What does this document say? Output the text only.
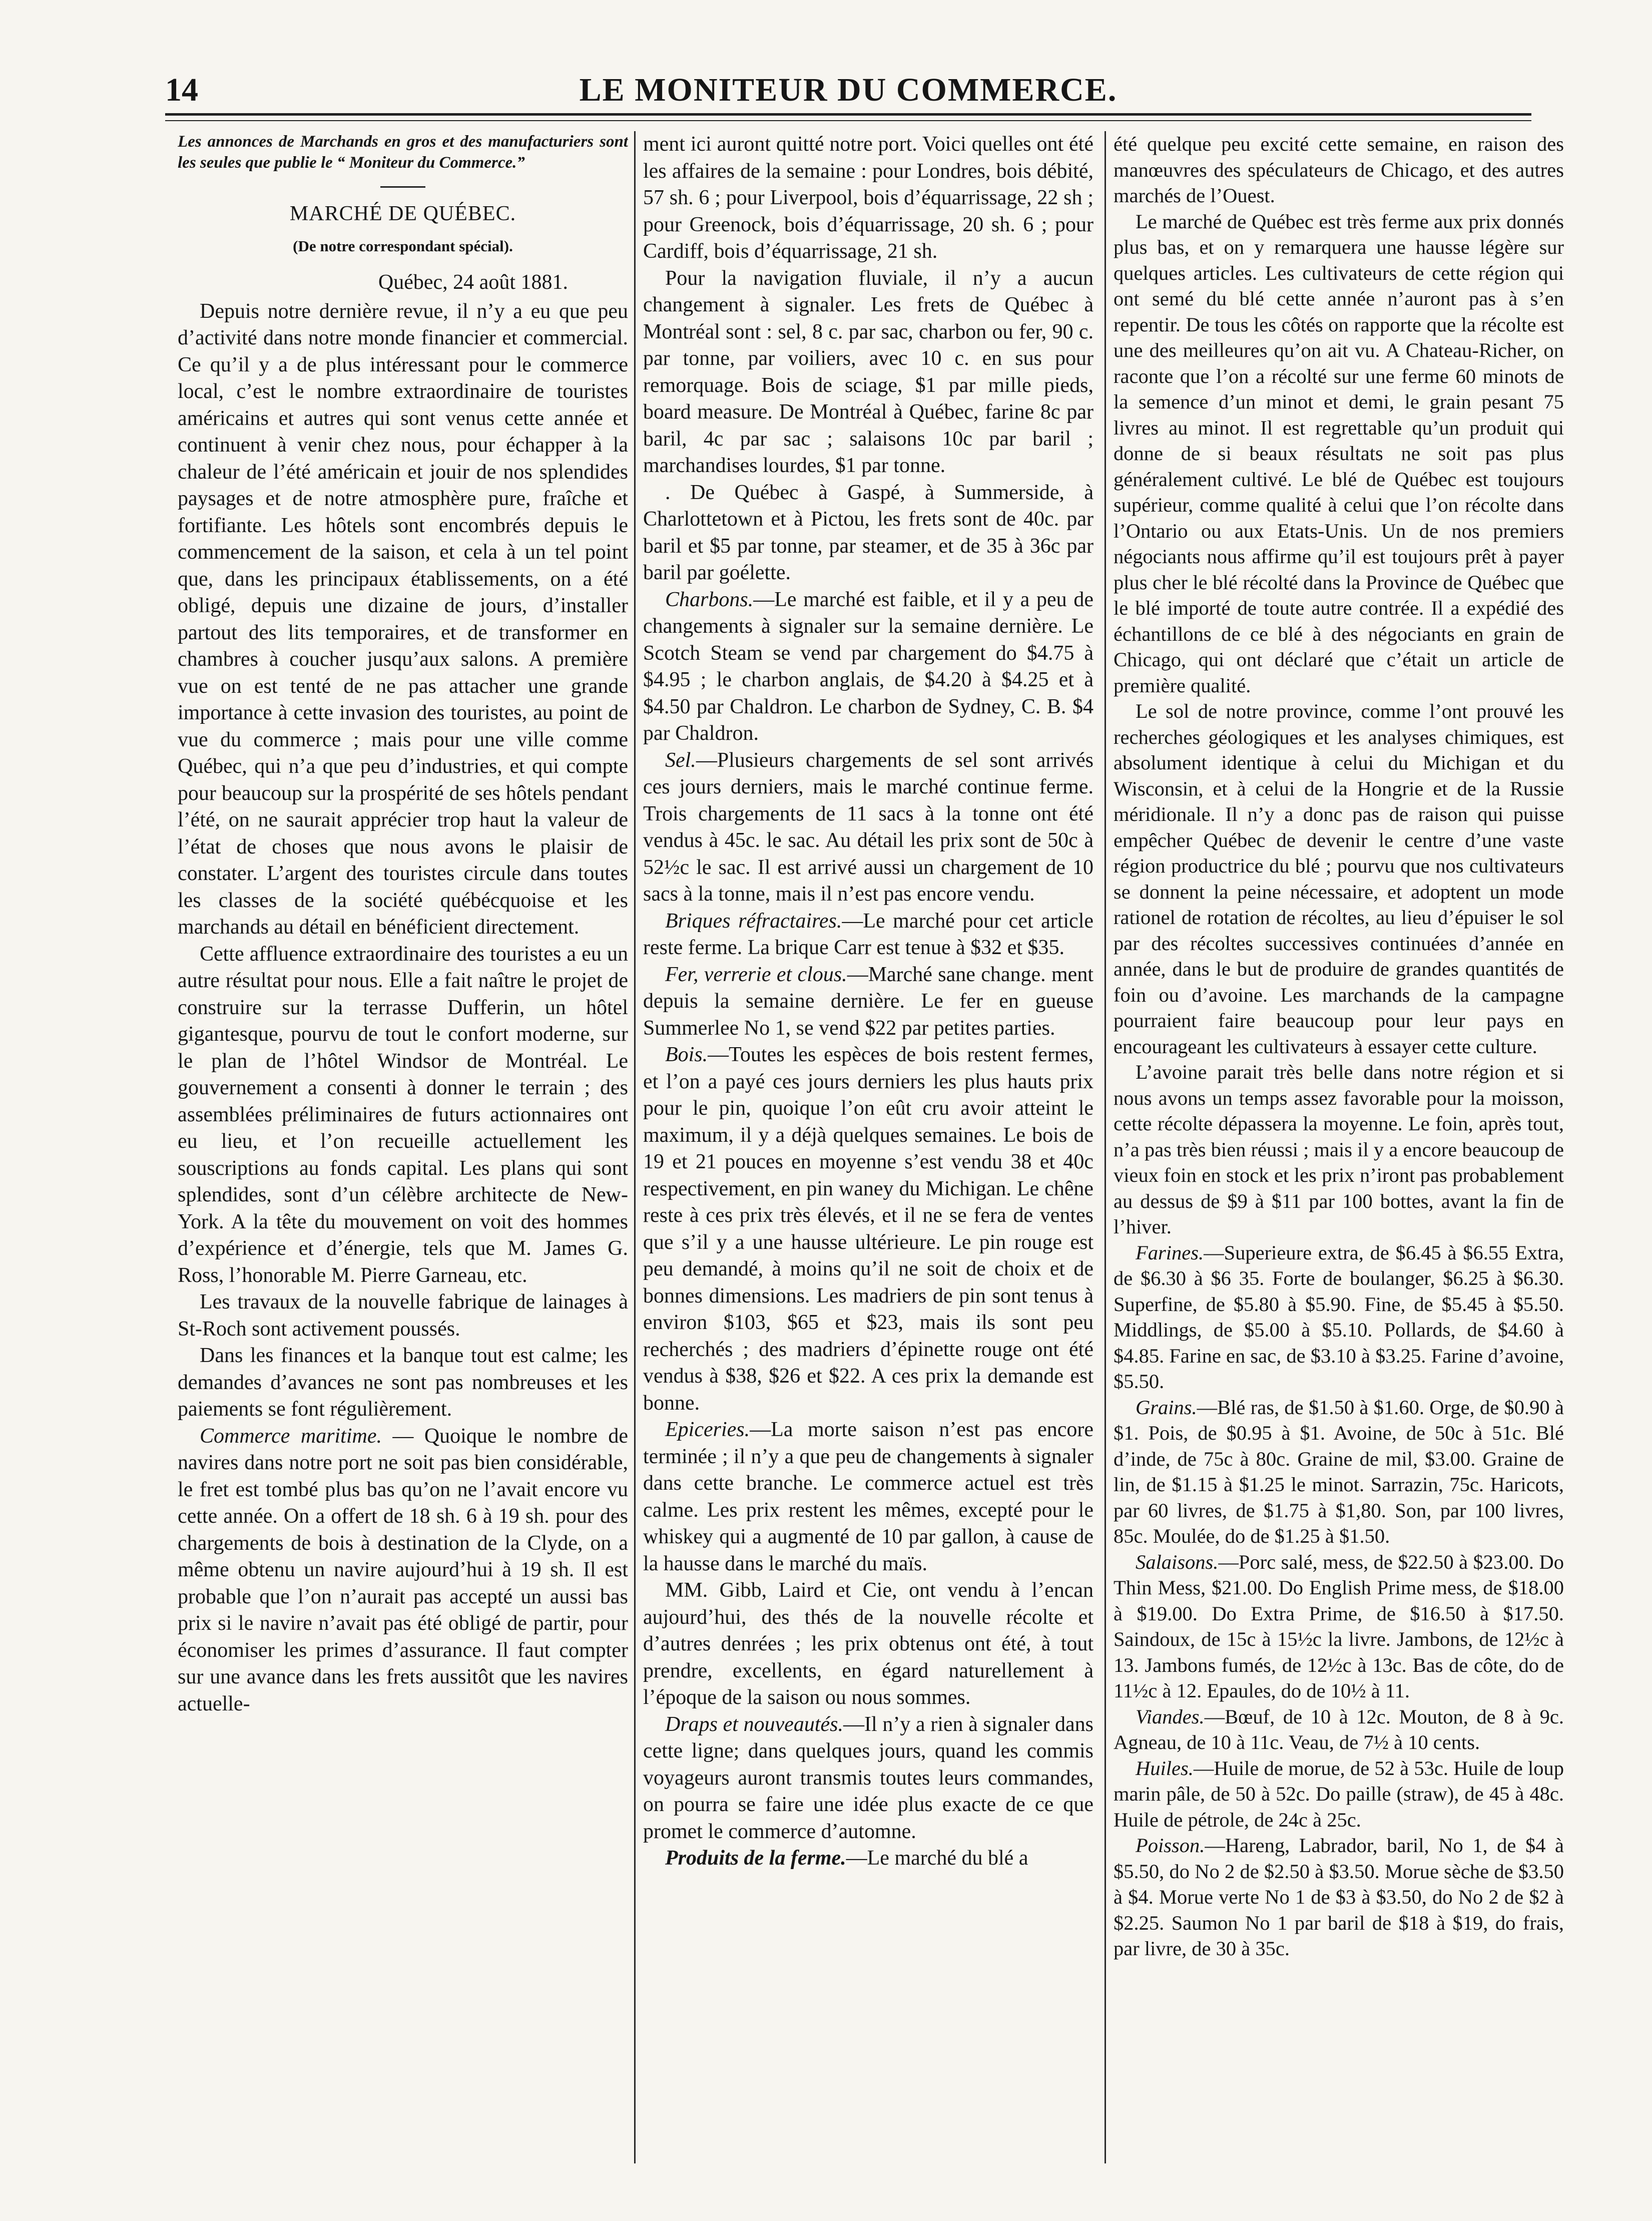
14	LE MONITEUR DU COMMERCE.

Les annonces de Marchands en gros et des manufacturiers sont les seules que publie le “ Moniteur du Commerce.”

MARCHÉ DE QUÉBEC.

(De notre correspondant spécial).

Québec, 24 août 1881.

Depuis notre dernière revue, il n’y a eu que peu d’activité dans notre monde financier et commercial. Ce qu’il y a de plus intéressant pour le commerce local, c’est le nombre extraordinaire de touristes américains et autres qui sont venus cette année et continuent à venir chez nous, pour échapper à la chaleur de l’été américain et jouir de nos splendides paysages et de notre atmosphère pure, fraîche et fortifiante. Les hôtels sont encombrés depuis le commencement de la saison, et cela à un tel point que, dans les principaux établissements, on a été obligé, depuis une dizaine de jours, d’installer partout des lits temporaires, et de transformer en chambres à coucher jusqu’aux salons. A première vue on est tenté de ne pas attacher une grande importance à cette invasion des touristes, au point de vue du commerce ; mais pour une ville comme Québec, qui n’a que peu d’industries, et qui compte pour beaucoup sur la prospérité de ses hôtels pendant l’été, on ne saurait apprécier trop haut la valeur de l’état de choses que nous avons le plaisir de constater. L’argent des touristes circule dans toutes les classes de la société québécquoise et les marchands au détail en bénéficient directement.

Cette affluence extraordinaire des touristes a eu un autre résultat pour nous. Elle a fait naître le projet de construire sur la terrasse Dufferin, un hôtel gigantesque, pourvu de tout le confort moderne, sur le plan de l’hôtel Windsor de Montréal. Le gouvernement a consenti à donner le terrain ; des assemblées préliminaires de futurs actionnaires ont eu lieu, et l’on recueille actuellement les souscriptions au fonds capital. Les plans qui sont splendides, sont d’un célèbre architecte de New-York. A la tête du mouvement on voit des hommes d’expérience et d’énergie, tels que M. James G. Ross, l’honorable M. Pierre Garneau, etc.

Les travaux de la nouvelle fabrique de lainages à St-Roch sont activement poussés.

Dans les finances et la banque tout est calme; les demandes d’avances ne sont pas nombreuses et les paiements se font régulièrement.

Commerce maritime. — Quoique le nombre de navires dans notre port ne soit pas bien considérable, le fret est tombé plus bas qu’on ne l’avait encore vu cette année. On a offert de 18 sh. 6 à 19 sh. pour des chargements de bois à destination de la Clyde, on a même obtenu un navire aujourd’hui à 19 sh. Il est probable que l’on n’aurait pas accepté un aussi bas prix si le navire n’avait pas été obligé de partir, pour économiser les primes d’assurance. Il faut compter sur une avance dans les frets aussitôt que les navires actuelle-

ment ici auront quitté notre port. Voici quelles ont été les affaires de la semaine : pour Londres, bois débité, 57 sh. 6 ; pour Liverpool, bois d’équarrissage, 22 sh ; pour Greenock, bois d’équarrissage, 20 sh. 6 ; pour Cardiff, bois d’équarrissage, 21 sh.

Pour la navigation fluviale, il n’y a aucun changement à signaler. Les frets de Québec à Montréal sont : sel, 8 c. par sac, charbon ou fer, 90 c. par tonne, par voiliers, avec 10 c. en sus pour remorquage. Bois de sciage, $1 par mille pieds, board measure. De Montréal à Québec, farine 8c par baril, 4c par sac ; salaisons 10c par baril ; marchandises lourdes, $1 par tonne.

. De Québec à Gaspé, à Summerside, à Charlottetown et à Pictou, les frets sont de 40c. par baril et $5 par tonne, par steamer, et de 35 à 36c par baril par goélette.

Charbons.—Le marché est faible, et il y a peu de changements à signaler sur la semaine dernière. Le Scotch Steam se vend par chargement do $4.75 à $4.95 ; le charbon anglais, de $4.20 à $4.25 et à $4.50 par Chaldron. Le charbon de Sydney, C. B. $4 par Chaldron.

Sel.—Plusieurs chargements de sel sont arrivés ces jours derniers, mais le marché continue ferme. Trois chargements de 11 sacs à la tonne ont été vendus à 45c. le sac. Au détail les prix sont de 50c à 52½c le sac. Il est arrivé aussi un chargement de 10 sacs à la tonne, mais il n’est pas encore vendu.

Briques réfractaires.—Le marché pour cet article reste ferme. La brique Carr est tenue à $32 et $35.

Fer, verrerie et clous.—Marché sane change. ment depuis la semaine dernière. Le fer en gueuse Summerlee No 1, se vend $22 par petites parties.

Bois.—Toutes les espèces de bois restent fermes, et l’on a payé ces jours derniers les plus hauts prix pour le pin, quoique l’on eût cru avoir atteint le maximum, il y a déjà quelques semaines. Le bois de 19 et 21 pouces en moyenne s’est vendu 38 et 40c respectivement, en pin waney du Michigan. Le chêne reste à ces prix très élevés, et il ne se fera de ventes que s’il y a une hausse ultérieure. Le pin rouge est peu demandé, à moins qu’il ne soit de choix et de bonnes dimensions. Les madriers de pin sont tenus à environ $103, $65 et $23, mais ils sont peu recherchés ; des madriers d’épinette rouge ont été vendus à $38, $26 et $22. A ces prix la demande est bonne.

Epiceries.—La morte saison n’est pas encore terminée ; il n’y a que peu de changements à signaler dans cette branche. Le commerce actuel est très calme. Les prix restent les mêmes, excepté pour le whiskey qui a augmenté de 10 par gallon, à cause de la hausse dans le marché du maïs.

MM. Gibb, Laird et Cie, ont vendu à l’encan aujourd’hui, des thés de la nouvelle récolte et d’autres denrées ; les prix obtenus ont été, à tout prendre, excellents, en égard naturellement à l’époque de la saison ou nous sommes.

Draps et nouveautés.—Il n’y a rien à signaler dans cette ligne; dans quelques jours, quand les commis voyageurs auront transmis toutes leurs commandes, on pourra se faire une idée plus exacte de ce que promet le commerce d’automne.

Produits de la ferme.—Le marché du blé a

été quelque peu excité cette semaine, en raison des manœuvres des spéculateurs de Chicago, et des autres marchés de l’Ouest.

Le marché de Québec est très ferme aux prix donnés plus bas, et on y remarquera une hausse légère sur quelques articles. Les cultivateurs de cette région qui ont semé du blé cette année n’auront pas à s’en repentir. De tous les côtés on rapporte que la récolte est une des meilleures qu’on ait vu. A Chateau-Richer, on raconte que l’on a récolté sur une ferme 60 minots de la semence d’un minot et demi, le grain pesant 75 livres au minot. Il est regrettable qu’un produit qui donne de si beaux résultats ne soit pas plus généralement cultivé. Le blé de Québec est toujours supérieur, comme qualité à celui que l’on récolte dans l’Ontario ou aux Etats-Unis. Un de nos premiers négociants nous affirme qu’il est toujours prêt à payer plus cher le blé récolté dans la Province de Québec que le blé importé de toute autre contrée. Il a expédié des échantillons de ce blé à des négociants en grain de Chicago, qui ont déclaré que c’était un article de première qualité.

Le sol de notre province, comme l’ont prouvé les recherches géologiques et les analyses chimiques, est absolument identique à celui du Michigan et du Wisconsin, et à celui de la Hongrie et de la Russie méridionale. Il n’y a donc pas de raison qui puisse empêcher Québec de devenir le centre d’une vaste région productrice du blé ; pourvu que nos cultivateurs se donnent la peine nécessaire, et adoptent un mode rationel de rotation de récoltes, au lieu d’épuiser le sol par des récoltes successives continuées d’année en année, dans le but de produire de grandes quantités de foin ou d’avoine. Les marchands de la campagne pourraient faire beaucoup pour leur pays en encourageant les cultivateurs à essayer cette culture.

L’avoine parait très belle dans notre région et si nous avons un temps assez favorable pour la moisson, cette récolte dépassera la moyenne. Le foin, après tout, n’a pas très bien réussi ; mais il y a encore beaucoup de vieux foin en stock et les prix n’iront pas probablement au dessus de $9 à $11 par 100 bottes, avant la fin de l’hiver.

Farines.—Superieure extra, de $6.45 à $6.55 Extra, de $6.30 à $6 35. Forte de boulanger, $6.25 à $6.30. Superfine, de $5.80 à $5.90. Fine, de $5.45 à $5.50. Middlings, de $5.00 à $5.10. Pollards, de $4.60 à $4.85. Farine en sac, de $3.10 à $3.25. Farine d’avoine, $5.50.

Grains.—Blé ras, de $1.50 à $1.60. Orge, de $0.90 à $1. Pois, de $0.95 à $1. Avoine, de 50c à 51c. Blé d’inde, de 75c à 80c. Graine de mil, $3.00. Graine de lin, de $1.15 à $1.25 le minot. Sarrazin, 75c. Haricots, par 60 livres, de $1.75 à $1,80. Son, par 100 livres, 85c. Moulée, do de $1.25 à $1.50.

Salaisons.—Porc salé, mess, de $22.50 à $23.00. Do Thin Mess, $21.00. Do English Prime mess, de $18.00 à $19.00. Do Extra Prime, de $16.50 à $17.50. Saindoux, de 15c à 15½c la livre. Jambons, de 12½c à 13. Jambons fumés, de 12½c à 13c. Bas de côte, do de 11½c à 12. Epaules, do de 10½ à 11.

Viandes.—Bœuf, de 10 à 12c. Mouton, de 8 à 9c. Agneau, de 10 à 11c. Veau, de 7½ à 10 cents.

Huiles.—Huile de morue, de 52 à 53c. Huile de loup marin pâle, de 50 à 52c. Do paille (straw), de 45 à 48c. Huile de pétrole, de 24c à 25c.

Poisson.—Hareng, Labrador, baril, No 1, de $4 à $5.50, do No 2 de $2.50 à $3.50. Morue sèche de $3.50 à $4. Morue verte No 1 de $3 à $3.50, do No 2 de $2 à $2.25. Saumon No 1 par baril de $18 à $19, do frais, par livre, de 30 à 35c.
